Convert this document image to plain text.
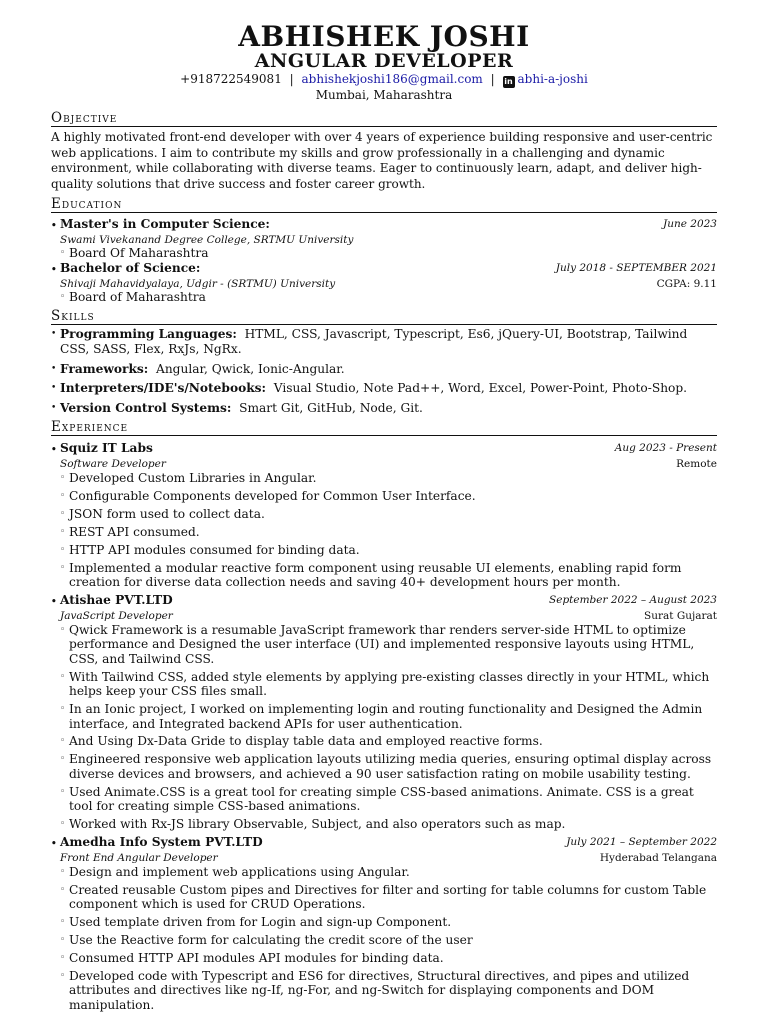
ABHISHEK JOSHI
ANGULAR DEVELOPER
+918722549081 | abhishekjoshi186@gmail.com | in abhi-a-joshi
Mumbai, Maharashtra
Objective
A highly motivated front-end developer with over 4 years of experience building responsive and user-centric web applications. I aim to contribute my skills and grow professionally in a challenging and dynamic environment, while collaborating with diverse teams. Eager to continuously learn, adapt, and deliver high-quality solutions that drive success and foster career growth.
Education
• Master's in Computer Science:	June 2023
Swami Vivekanand Degree College, SRTMU University
◦ Board Of Maharashtra
• Bachelor of Science:	July 2018 - SEPTEMBER 2021
Shivaji Mahavidyalaya, Udgir - (SRTMU) University	CGPA: 9.11
◦ Board of Maharashtra
Skills
• Programming Languages: HTML, CSS, Javascript, Typescript, Es6, jQuery-UI, Bootstrap, Tailwind CSS, SASS, Flex, RxJs, NgRx.
• Frameworks: Angular, Qwick, Ionic-Angular.
• Interpreters/IDE's/Notebooks: Visual Studio, Note Pad++, Word, Excel, Power-Point, Photo-Shop.
• Version Control Systems: Smart Git, GitHub, Node, Git.
Experience
• Squiz IT Labs	Aug 2023 - Present
Software Developer	Remote
◦ Developed Custom Libraries in Angular.
◦ Configurable Components developed for Common User Interface.
◦ JSON form used to collect data.
◦ REST API consumed.
◦ HTTP API modules consumed for binding data.
◦ Implemented a modular reactive form component using reusable UI elements, enabling rapid form creation for diverse data collection needs and saving 40+ development hours per month.
• Atishae PVT.LTD	September 2022 – August 2023
JavaScript Developer	Surat Gujarat
◦ Qwick Framework is a resumable JavaScript framework thar renders server-side HTML to optimize performance and Designed the user interface (UI) and implemented responsive layouts using HTML, CSS, and Tailwind CSS.
◦ With Tailwind CSS, added style elements by applying pre-existing classes directly in your HTML, which helps keep your CSS files small.
◦ In an Ionic project, I worked on implementing login and routing functionality and Designed the Admin interface, and Integrated backend APIs for user authentication.
◦ And Using Dx-Data Gride to display table data and employed reactive forms.
◦ Engineered responsive web application layouts utilizing media queries, ensuring optimal display across diverse devices and browsers, and achieved a 90 user satisfaction rating on mobile usability testing.
◦ Used Animate.CSS is a great tool for creating simple CSS-based animations. Animate. CSS is a great tool for creating simple CSS-based animations.
◦ Worked with Rx-JS library Observable, Subject, and also operators such as map.
• Amedha Info System PVT.LTD	July 2021 – September 2022
Front End Angular Developer	Hyderabad Telangana
◦ Design and implement web applications using Angular.
◦ Created reusable Custom pipes and Directives for filter and sorting for table columns for custom Table component which is used for CRUD Operations.
◦ Used template driven from for Login and sign-up Component.
◦ Use the Reactive form for calculating the credit score of the user
◦ Consumed HTTP API modules API modules for binding data.
◦ Developed code with Typescript and ES6 for directives, Structural directives, and pipes and utilized attributes and directives like ng-If, ng-For, and ng-Switch for displaying components and DOM manipulation.
